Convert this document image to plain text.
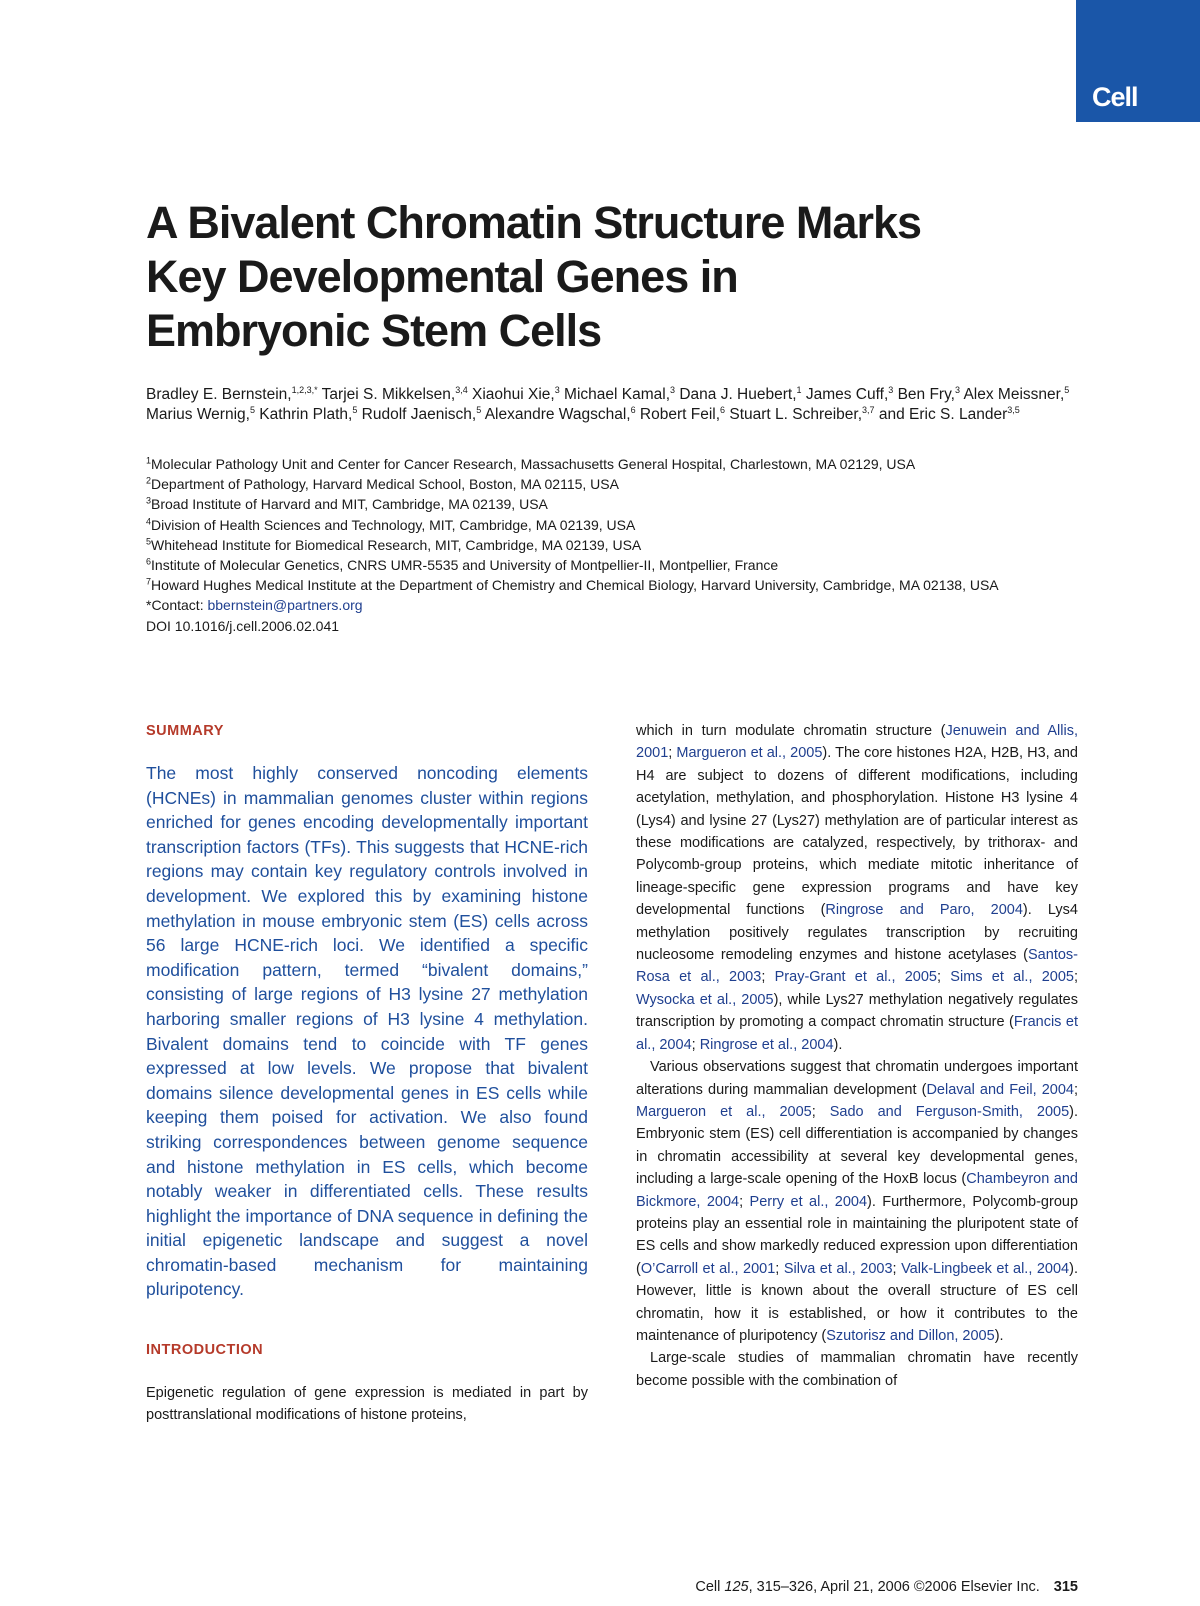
Cell
A Bivalent Chromatin Structure Marks
Key Developmental Genes in
Embryonic Stem Cells
Bradley E. Bernstein,$^{1,2,3,*}$ Tarjei S. Mikkelsen,$^{3,4}$ Xiaohui Xie,$^3$ Michael Kamal,$^3$ Dana J. Huebert,$^1$ James Cuff,$^3$ Ben Fry,$^3$ Alex Meissner,$^5$ Marius Wernig,$^5$ Kathrin Plath,$^5$ Rudolf Jaenisch,$^5$ Alexandre Wagschal,$^6$ Robert Feil,$^6$ Stuart L. Schreiber,$^{3,7}$ and Eric S. Lander$^{3,5}$
$^1$Molecular Pathology Unit and Center for Cancer Research, Massachusetts General Hospital, Charlestown, MA 02129, USA
$^2$Department of Pathology, Harvard Medical School, Boston, MA 02115, USA
$^3$Broad Institute of Harvard and MIT, Cambridge, MA 02139, USA
$^4$Division of Health Sciences and Technology, MIT, Cambridge, MA 02139, USA
$^5$Whitehead Institute for Biomedical Research, MIT, Cambridge, MA 02139, USA
$^6$Institute of Molecular Genetics, CNRS UMR-5535 and University of Montpellier-II, Montpellier, France
$^7$Howard Hughes Medical Institute at the Department of Chemistry and Chemical Biology, Harvard University, Cambridge, MA 02138, USA
*Contact: bbernstein@partners.org
DOI 10.1016/j.cell.2006.02.041
SUMMARY

The most highly conserved noncoding elements (HCNEs) in mammalian genomes cluster within regions enriched for genes encoding developmentally important transcription factors (TFs). This suggests that HCNE-rich regions may contain key regulatory controls involved in development. We explored this by examining histone methylation in mouse embryonic stem (ES) cells across 56 large HCNE-rich loci. We identified a specific modification pattern, termed “bivalent domains,” consisting of large regions of H3 lysine 27 methylation harboring smaller regions of H3 lysine 4 methylation. Bivalent domains tend to coincide with TF genes expressed at low levels. We propose that bivalent domains silence developmental genes in ES cells while keeping them poised for activation. We also found striking correspondences between genome sequence and histone methylation in ES cells, which become notably weaker in differentiated cells. These results highlight the importance of DNA sequence in defining the initial epigenetic landscape and suggest a novel chromatin-based mechanism for maintaining pluripotency.

INTRODUCTION

Epigenetic regulation of gene expression is mediated in part by posttranslational modifications of histone proteins,

which in turn modulate chromatin structure (Jenuwein and Allis, 2001; Margueron et al., 2005). The core histones H2A, H2B, H3, and H4 are subject to dozens of different modifications, including acetylation, methylation, and phosphorylation. Histone H3 lysine 4 (Lys4) and lysine 27 (Lys27) methylation are of particular interest as these modifications are catalyzed, respectively, by trithorax- and Polycomb-group proteins, which mediate mitotic inheritance of lineage-specific gene expression programs and have key developmental functions (Ringrose and Paro, 2004). Lys4 methylation positively regulates transcription by recruiting nucleosome remodeling enzymes and histone acetylases (Santos-Rosa et al., 2003; Pray-Grant et al., 2005; Sims et al., 2005; Wysocka et al., 2005), while Lys27 methylation negatively regulates transcription by promoting a compact chromatin structure (Francis et al., 2004; Ringrose et al., 2004).

Various observations suggest that chromatin undergoes important alterations during mammalian development (Delaval and Feil, 2004; Margueron et al., 2005; Sado and Ferguson-Smith, 2005). Embryonic stem (ES) cell differentiation is accompanied by changes in chromatin accessibility at several key developmental genes, including a large-scale opening of the HoxB locus (Chambeyron and Bickmore, 2004; Perry et al., 2004). Furthermore, Polycomb-group proteins play an essential role in maintaining the pluripotent state of ES cells and show markedly reduced expression upon differentiation (O’Carroll et al., 2001; Silva et al., 2003; Valk-Lingbeek et al., 2004). However, little is known about the overall structure of ES cell chromatin, how it is established, or how it contributes to the maintenance of pluripotency (Szutorisz and Dillon, 2005).

Large-scale studies of mammalian chromatin have recently become possible with the combination of

Cell 125, 315–326, April 21, 2006 ©2006 Elsevier Inc. 315
